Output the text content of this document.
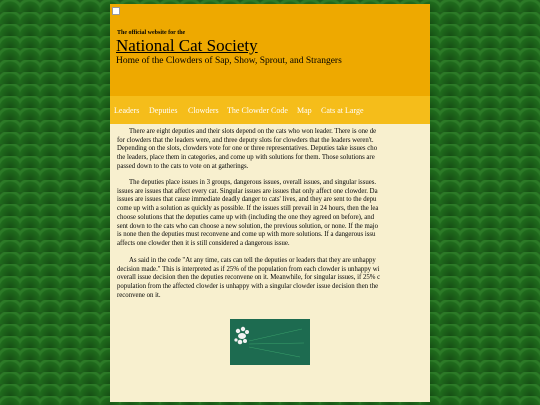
The official website for the
National Cat Society
Home of the Clowders of Sap, Show, Sprout, and Strangers
Leaders Deputies Clowders The Clowder Code Map Cats at Large

There are eight deputies and their slots depend on the cats who won leader. There is one de
for clowders that the leaders were, and three deputy slots for clowders that the leaders weren't.
Depending on the slots, clowders vote for one or three representatives. Deputies take issues cho
the leaders, place them in categories, and come up with solutions for them. Those solutions are
passed down to the cats to vote on at gatherings.

The deputies place issues in 3 groups, dangerous issues, overall issues, and singular issues.
issues are issues that affect every cat. Singular issues are issues that only affect one clowder. Da
issues are issues that cause immediate deadly danger to cats' lives, and they are sent to the depu
come up with a solution as quickly as possible. If the issues still prevail in 24 hours, then the lea
choose solutions that the deputies came up with (including the one they agreed on before), and
sent down to the cats who can choose a new solution, the previous solution, or none. If the majo
is none then the deputies must reconvene and come up with more solutions. If a dangerous issu
affects one clowder then it is still considered a dangerous issue.

As said in the code "At any time, cats can tell the deputies or leaders that they are unhappy
decision made." This is interpreted as if 25% of the population from each clowder is unhappy wi
overall issue decision then the deputies reconvene on it. Meanwhile, for singular issues, if 25% c
population from the affected clowder is unhappy with a singular clowder issue decision then the
reconvene on it.
